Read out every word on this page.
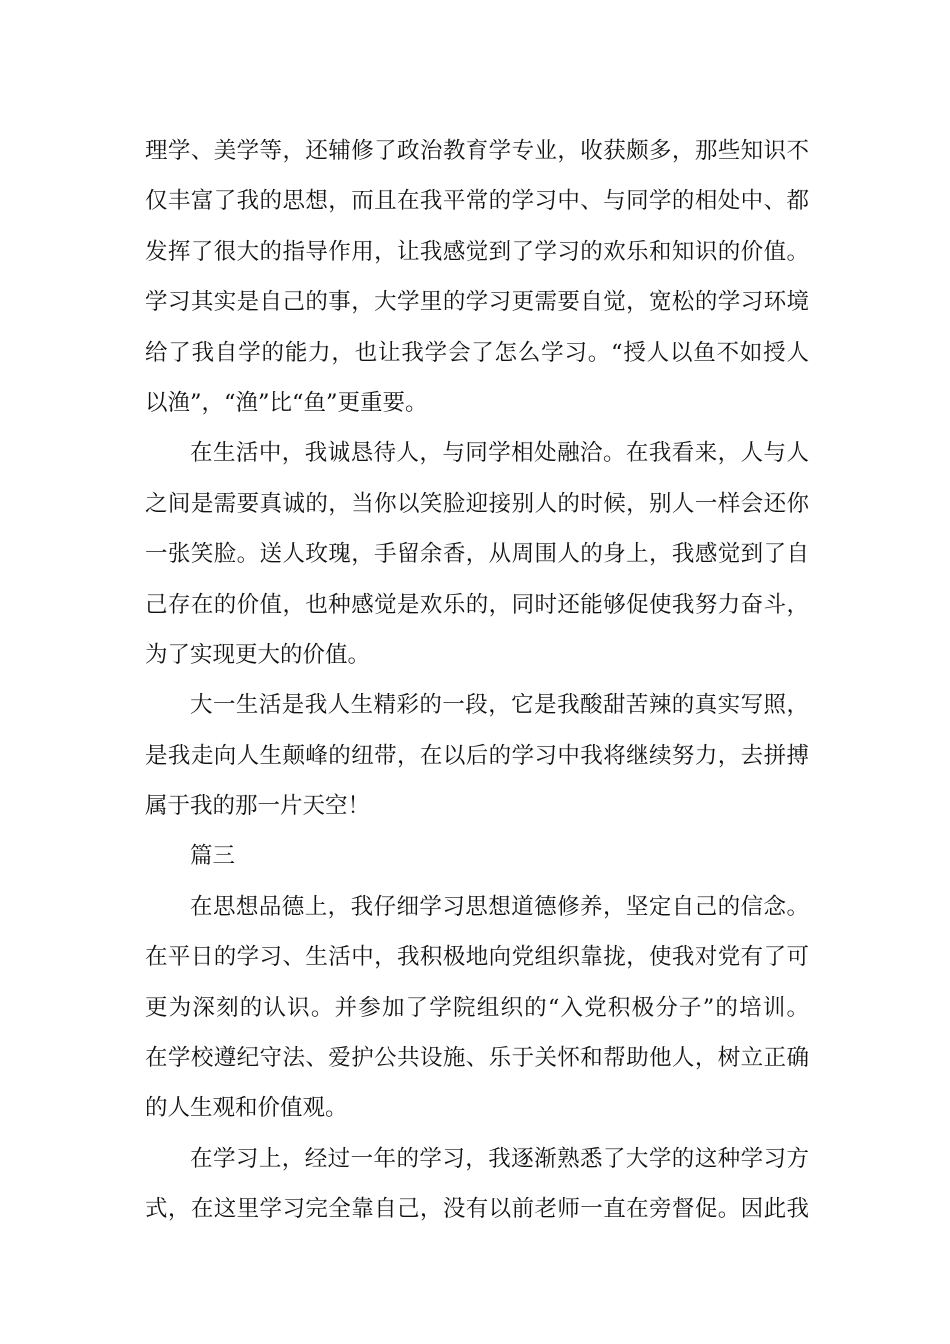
理学、美学等，还辅修了政治教育学专业，收获颇多，那些知识不
仅丰富了我的思想，而且在我平常的学习中、与同学的相处中、都
发挥了很大的指导作用，让我感觉到了学习的欢乐和知识的价值。
学习其实是自己的事，大学里的学习更需要自觉，宽松的学习环境
给了我自学的能力，也让我学会了怎么学习。“授人以鱼不如授人
以渔”，“渔”比“鱼”更重要。
在生活中，我诚恳待人，与同学相处融洽。在我看来，人与人
之间是需要真诚的，当你以笑脸迎接别人的时候，别人一样会还你
一张笑脸。送人玫瑰，手留余香，从周围人的身上，我感觉到了自
己存在的价值，也种感觉是欢乐的，同时还能够促使我努力奋斗，
为了实现更大的价值。
大一生活是我人生精彩的一段，它是我酸甜苦辣的真实写照，
是我走向人生颠峰的纽带，在以后的学习中我将继续努力，去拼搏
属于我的那一片天空！
篇三
在思想品德上，我仔细学习思想道德修养，坚定自己的信念。
在平日的学习、生活中，我积极地向党组织靠拢，使我对党有了可
更为深刻的认识。并参加了学院组织的“入党积极分子”的培训。
在学校遵纪守法、爱护公共设施、乐于关怀和帮助他人，树立正确
的人生观和价值观。
在学习上，经过一年的学习，我逐渐熟悉了大学的这种学习方
式，在这里学习完全靠自己，没有以前老师一直在旁督促。因此我
